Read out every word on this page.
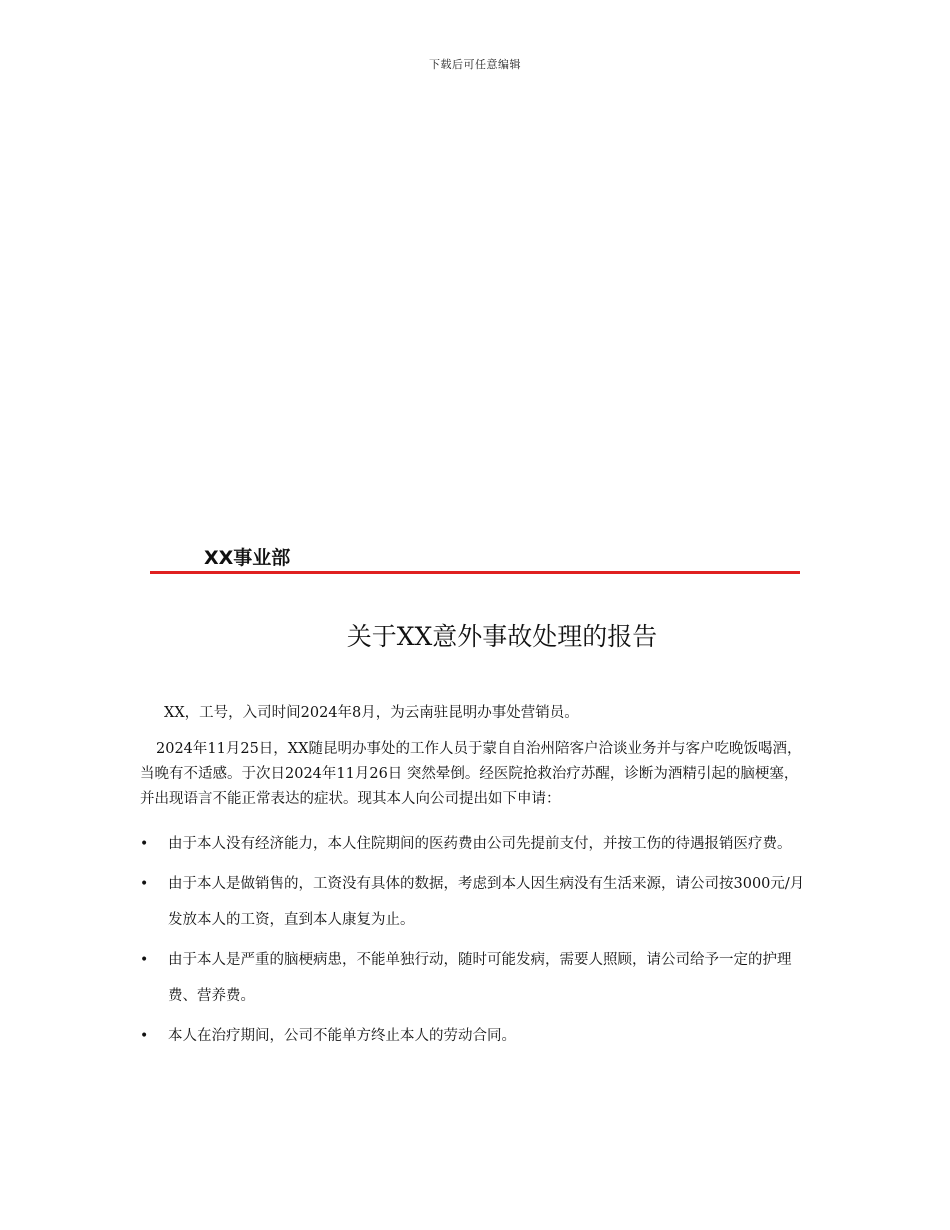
下载后可任意编辑
XX事业部
关于XX意外事故处理的报告

XX，工号，入司时间2024年8月，为云南驻昆明办事处营销员。

2024年11月25日，XX随昆明办事处的工作人员于蒙自自治州陪客户洽谈业务并与客户吃晚饭喝酒，当晚有不适感。于次日2024年11月26日 突然晕倒。经医院抢救治疗苏醒，诊断为酒精引起的脑梗塞，并出现语言不能正常表达的症状。现其本人向公司提出如下申请：

• 由于本人没有经济能力，本人住院期间的医药费由公司先提前支付，并按工伤的待遇报销医疗费。
• 由于本人是做销售的，工资没有具体的数据，考虑到本人因生病没有生活来源，请公司按3000元/月发放本人的工资，直到本人康复为止。
• 由于本人是严重的脑梗病患，不能单独行动，随时可能发病，需要人照顾，请公司给予一定的护理费、营养费。
• 本人在治疗期间，公司不能单方终止本人的劳动合同。
